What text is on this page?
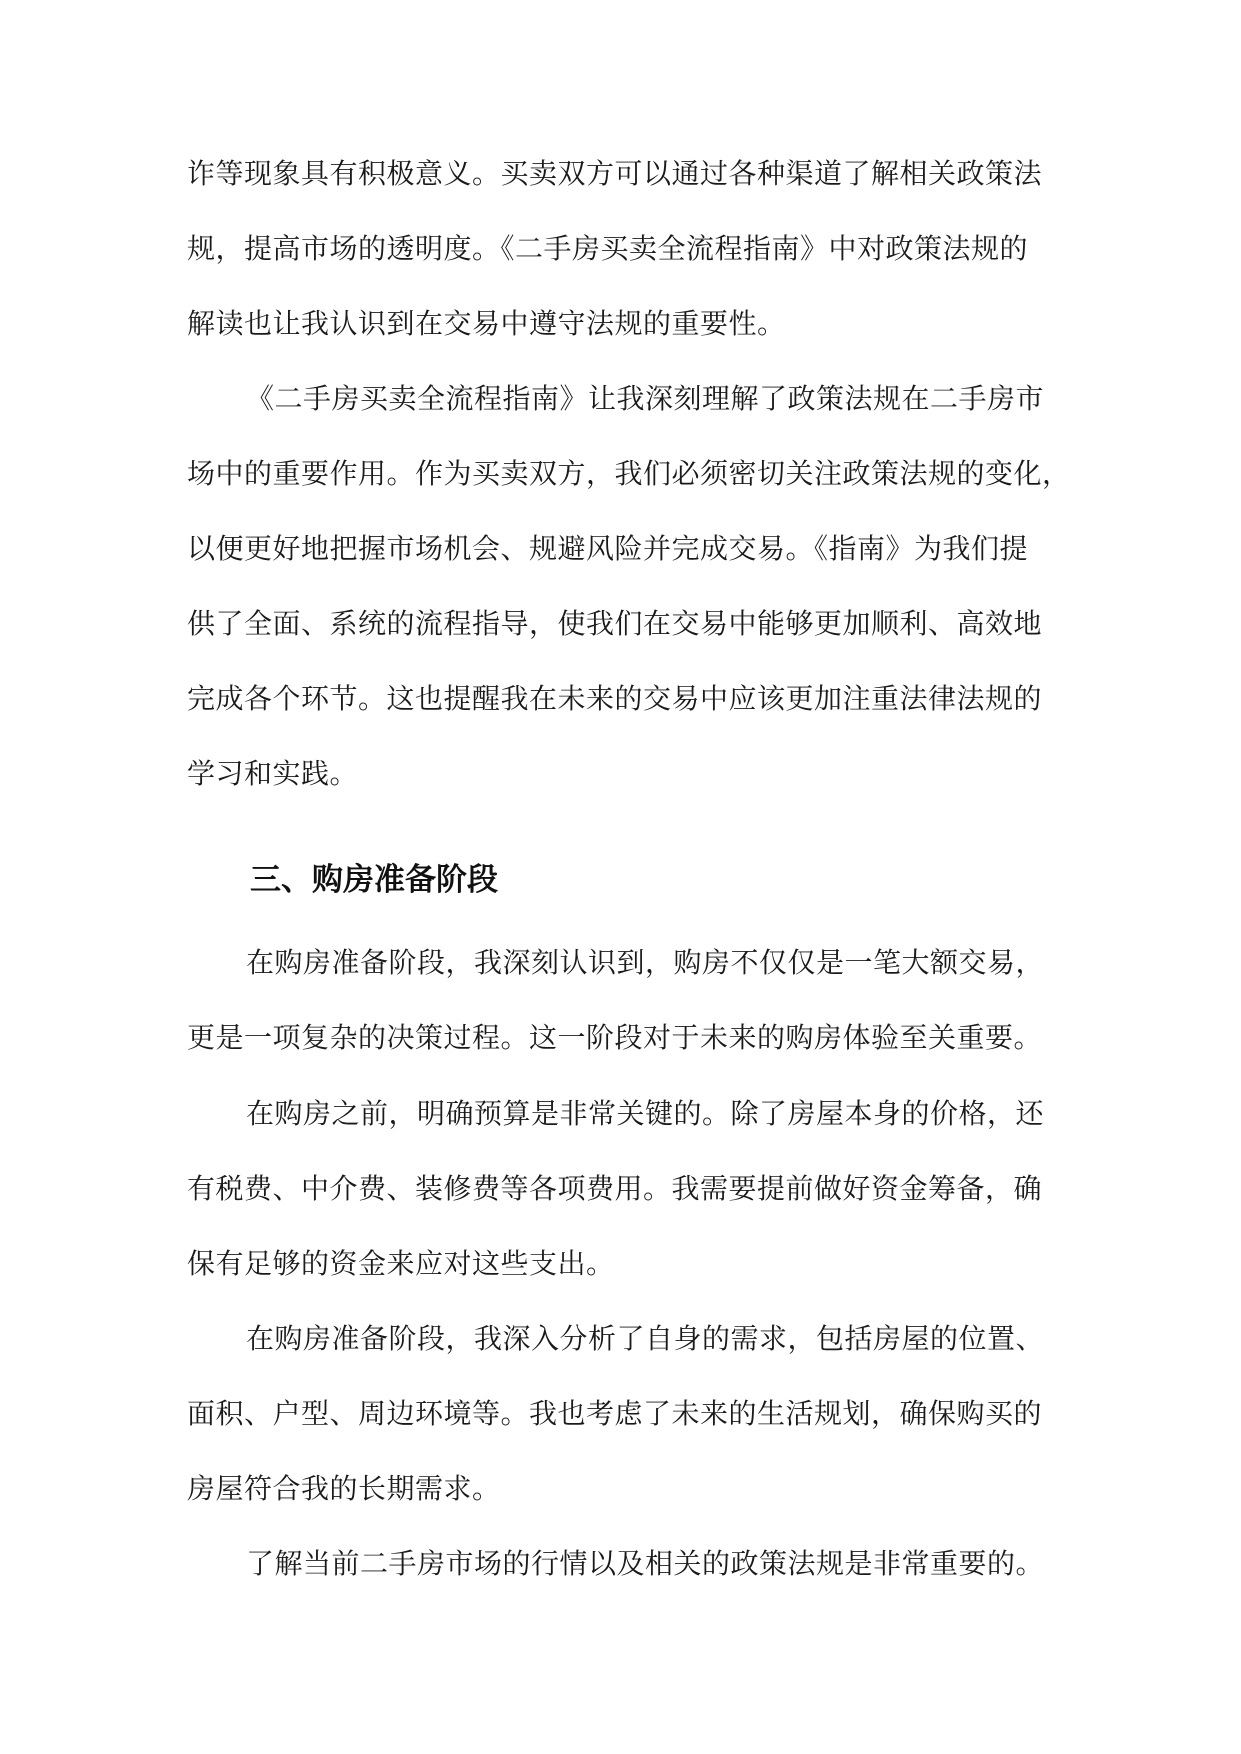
诈等现象具有积极意义。买卖双方可以通过各种渠道了解相关政策法

规，提高市场的透明度。《二手房买卖全流程指南》中对政策法规的

解读也让我认识到在交易中遵守法规的重要性。

《二手房买卖全流程指南》让我深刻理解了政策法规在二手房市

场中的重要作用。作为买卖双方，我们必须密切关注政策法规的变化，

以便更好地把握市场机会、规避风险并完成交易。《指南》为我们提

供了全面、系统的流程指导，使我们在交易中能够更加顺利、高效地

完成各个环节。这也提醒我在未来的交易中应该更加注重法律法规的

学习和实践。

三、购房准备阶段

在购房准备阶段，我深刻认识到，购房不仅仅是一笔大额交易，

更是一项复杂的决策过程。这一阶段对于未来的购房体验至关重要。

在购房之前，明确预算是非常关键的。除了房屋本身的价格，还

有税费、中介费、装修费等各项费用。我需要提前做好资金筹备，确

保有足够的资金来应对这些支出。

在购房准备阶段，我深入分析了自身的需求，包括房屋的位置、

面积、户型、周边环境等。我也考虑了未来的生活规划，确保购买的

房屋符合我的长期需求。

了解当前二手房市场的行情以及相关的政策法规是非常重要的。
